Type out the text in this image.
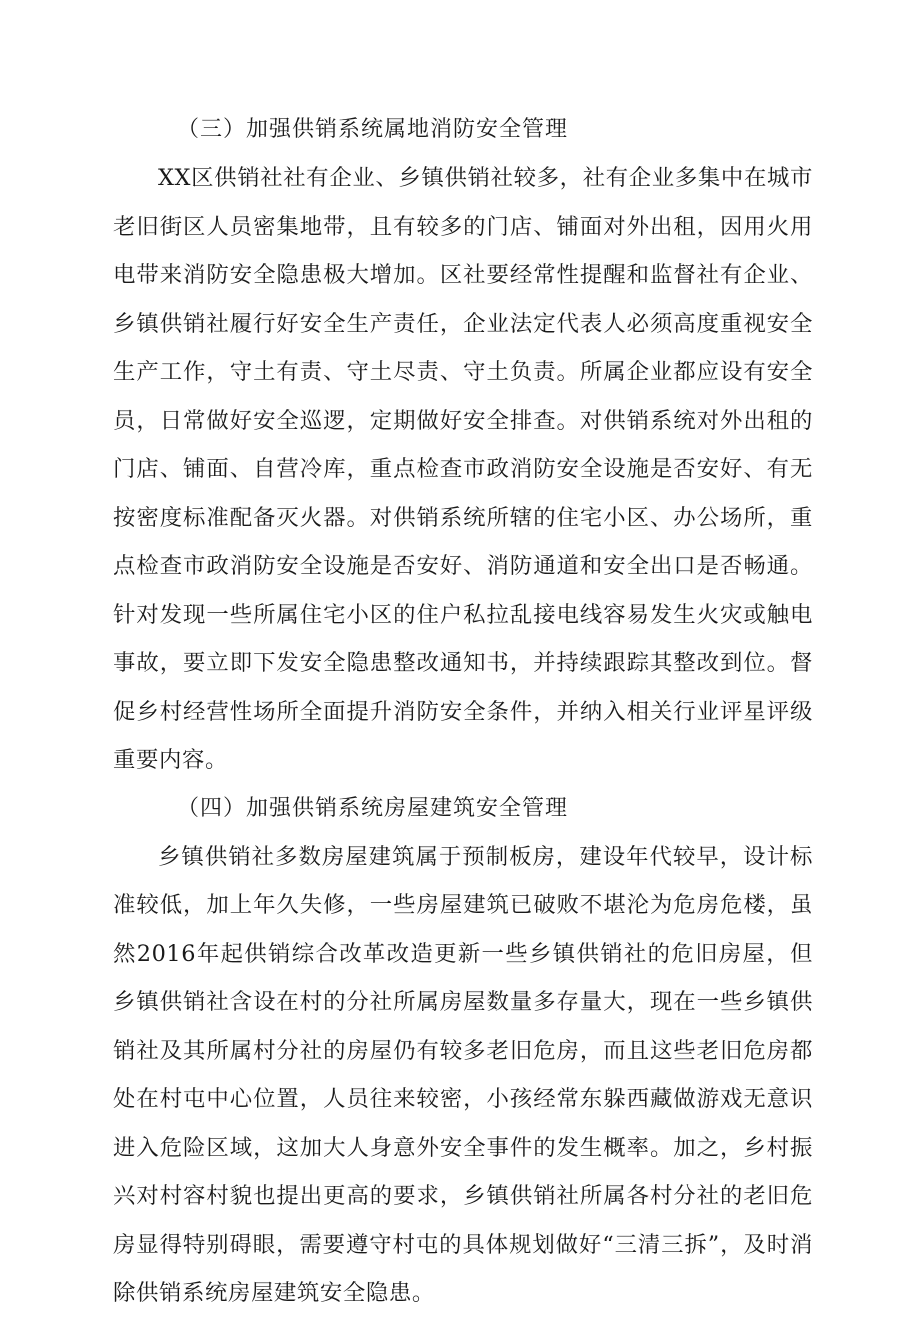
（三）加强供销系统属地消防安全管理

XX区供销社社有企业、乡镇供销社较多，社有企业多集中在城市老旧街区人员密集地带，且有较多的门店、铺面对外出租，因用火用电带来消防安全隐患极大增加。区社要经常性提醒和监督社有企业、乡镇供销社履行好安全生产责任，企业法定代表人必须高度重视安全生产工作，守土有责、守土尽责、守土负责。所属企业都应设有安全员，日常做好安全巡逻，定期做好安全排查。对供销系统对外出租的门店、铺面、自营冷库，重点检查市政消防安全设施是否安好、有无按密度标准配备灭火器。对供销系统所辖的住宅小区、办公场所，重点检查市政消防安全设施是否安好、消防通道和安全出口是否畅通。针对发现一些所属住宅小区的住户私拉乱接电线容易发生火灾或触电事故，要立即下发安全隐患整改通知书，并持续跟踪其整改到位。督促乡村经营性场所全面提升消防安全条件，并纳入相关行业评星评级重要内容。

（四）加强供销系统房屋建筑安全管理

乡镇供销社多数房屋建筑属于预制板房，建设年代较早，设计标准较低，加上年久失修，一些房屋建筑已破败不堪沦为危房危楼，虽然2016年起供销综合改革改造更新一些乡镇供销社的危旧房屋，但乡镇供销社含设在村的分社所属房屋数量多存量大，现在一些乡镇供销社及其所属村分社的房屋仍有较多老旧危房，而且这些老旧危房都处在村屯中心位置，人员往来较密，小孩经常东躲西藏做游戏无意识进入危险区域，这加大人身意外安全事件的发生概率。加之，乡村振兴对村容村貌也提出更高的要求，乡镇供销社所属各村分社的老旧危房显得特别碍眼，需要遵守村屯的具体规划做好“三清三拆”，及时消除供销系统房屋建筑安全隐患。
